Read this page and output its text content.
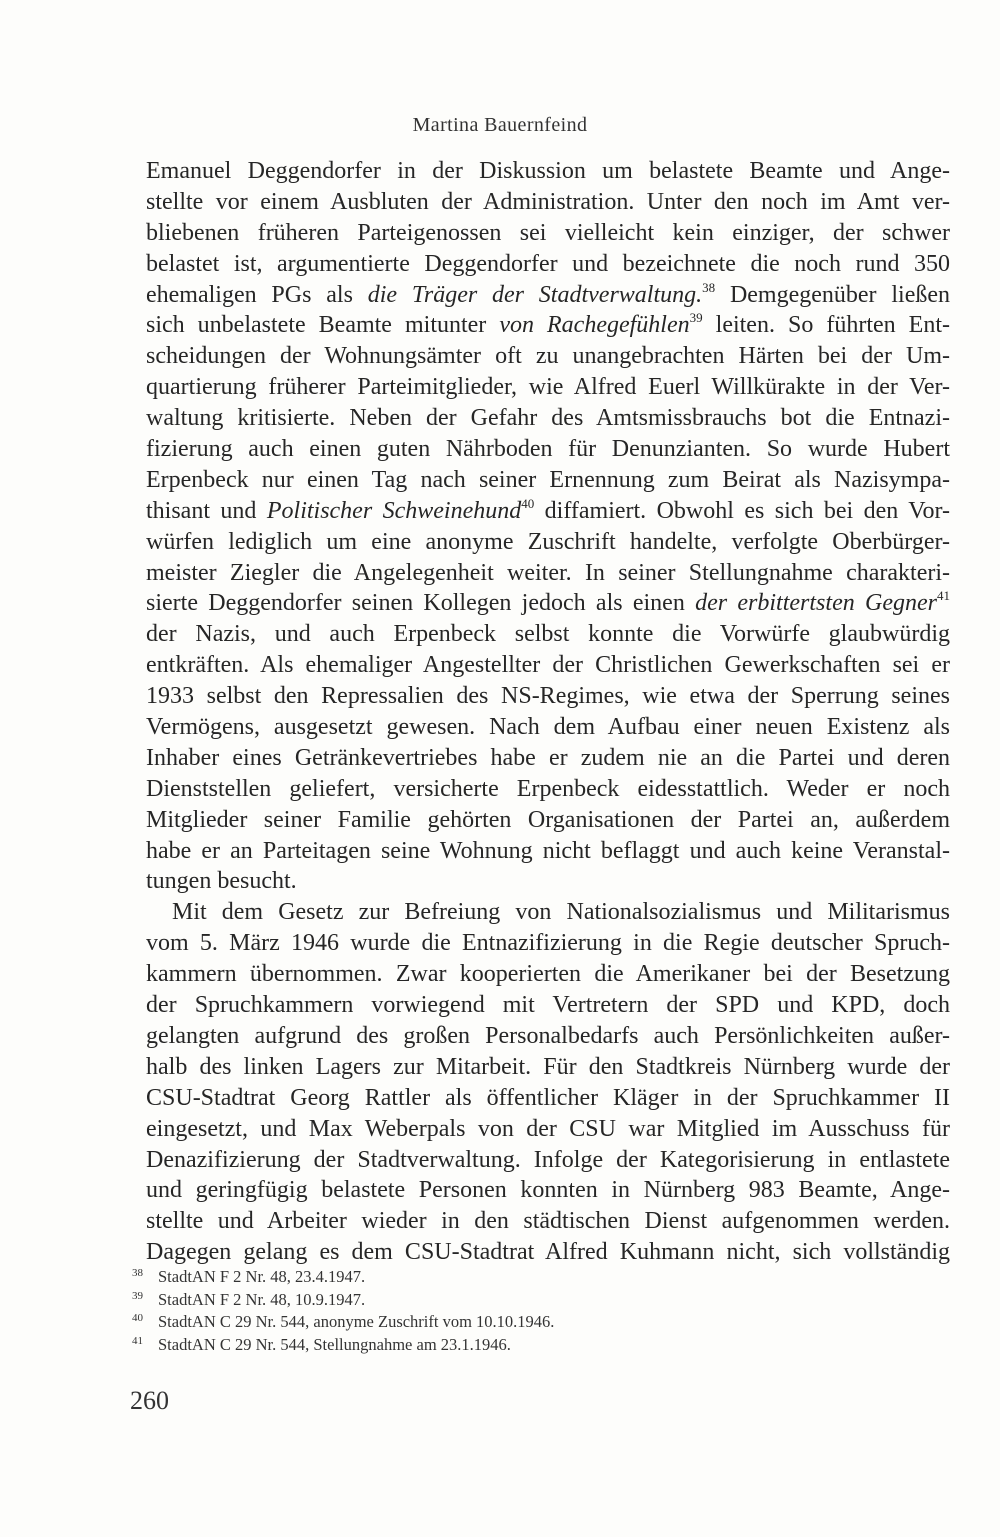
Martina Bauernfeind
Emanuel Deggendorfer in der Diskussion um belastete Beamte und Ange-
stellte vor einem Ausbluten der Administration. Unter den noch im Amt ver-
bliebenen früheren Parteigenossen sei vielleicht kein einziger, der schwer
belastet ist, argumentierte Deggendorfer und bezeichnete die noch rund 350
ehemaligen PGs als die Träger der Stadtverwaltung.$^{38}$ Demgegenüber ließen
sich unbelastete Beamte mitunter von Rachegefühlen$^{39}$ leiten. So führten Ent-
scheidungen der Wohnungsämter oft zu unangebrachten Härten bei der Um-
quartierung früherer Parteimitglieder, wie Alfred Euerl Willkürakte in der Ver-
waltung kritisierte. Neben der Gefahr des Amtsmissbrauchs bot die Entnazi-
fizierung auch einen guten Nährboden für Denunzianten. So wurde Hubert
Erpenbeck nur einen Tag nach seiner Ernennung zum Beirat als Nazisympa-
thisant und Politischer Schweinehund$^{40}$ diffamiert. Obwohl es sich bei den Vor-
würfen lediglich um eine anonyme Zuschrift handelte, verfolgte Oberbürger-
meister Ziegler die Angelegenheit weiter. In seiner Stellungnahme charakteri-
sierte Deggendorfer seinen Kollegen jedoch als einen der erbittertsten Gegner$^{41}$
der Nazis, und auch Erpenbeck selbst konnte die Vorwürfe glaubwürdig
entkräften. Als ehemaliger Angestellter der Christlichen Gewerkschaften sei er
1933 selbst den Repressalien des NS-Regimes, wie etwa der Sperrung seines
Vermögens, ausgesetzt gewesen. Nach dem Aufbau einer neuen Existenz als
Inhaber eines Getränkevertriebes habe er zudem nie an die Partei und deren
Dienststellen geliefert, versicherte Erpenbeck eidesstattlich. Weder er noch
Mitglieder seiner Familie gehörten Organisationen der Partei an, außerdem
habe er an Parteitagen seine Wohnung nicht beflaggt und auch keine Veranstal-
tungen besucht.
Mit dem Gesetz zur Befreiung von Nationalsozialismus und Militarismus
vom 5. März 1946 wurde die Entnazifizierung in die Regie deutscher Spruch-
kammern übernommen. Zwar kooperierten die Amerikaner bei der Besetzung
der Spruchkammern vorwiegend mit Vertretern der SPD und KPD, doch
gelangten aufgrund des großen Personalbedarfs auch Persönlichkeiten außer-
halb des linken Lagers zur Mitarbeit. Für den Stadtkreis Nürnberg wurde der
CSU-Stadtrat Georg Rattler als öffentlicher Kläger in der Spruchkammer II
eingesetzt, und Max Weberpals von der CSU war Mitglied im Ausschuss für
Denazifizierung der Stadtverwaltung. Infolge der Kategorisierung in entlastete
und geringfügig belastete Personen konnten in Nürnberg 983 Beamte, Ange-
stellte und Arbeiter wieder in den städtischen Dienst aufgenommen werden.
Dagegen gelang es dem CSU-Stadtrat Alfred Kuhmann nicht, sich vollständig
38 StadtAN F 2 Nr. 48, 23.4.1947.
39 StadtAN F 2 Nr. 48, 10.9.1947.
40 StadtAN C 29 Nr. 544, anonyme Zuschrift vom 10.10.1946.
41 StadtAN C 29 Nr. 544, Stellungnahme am 23.1.1946.
260
